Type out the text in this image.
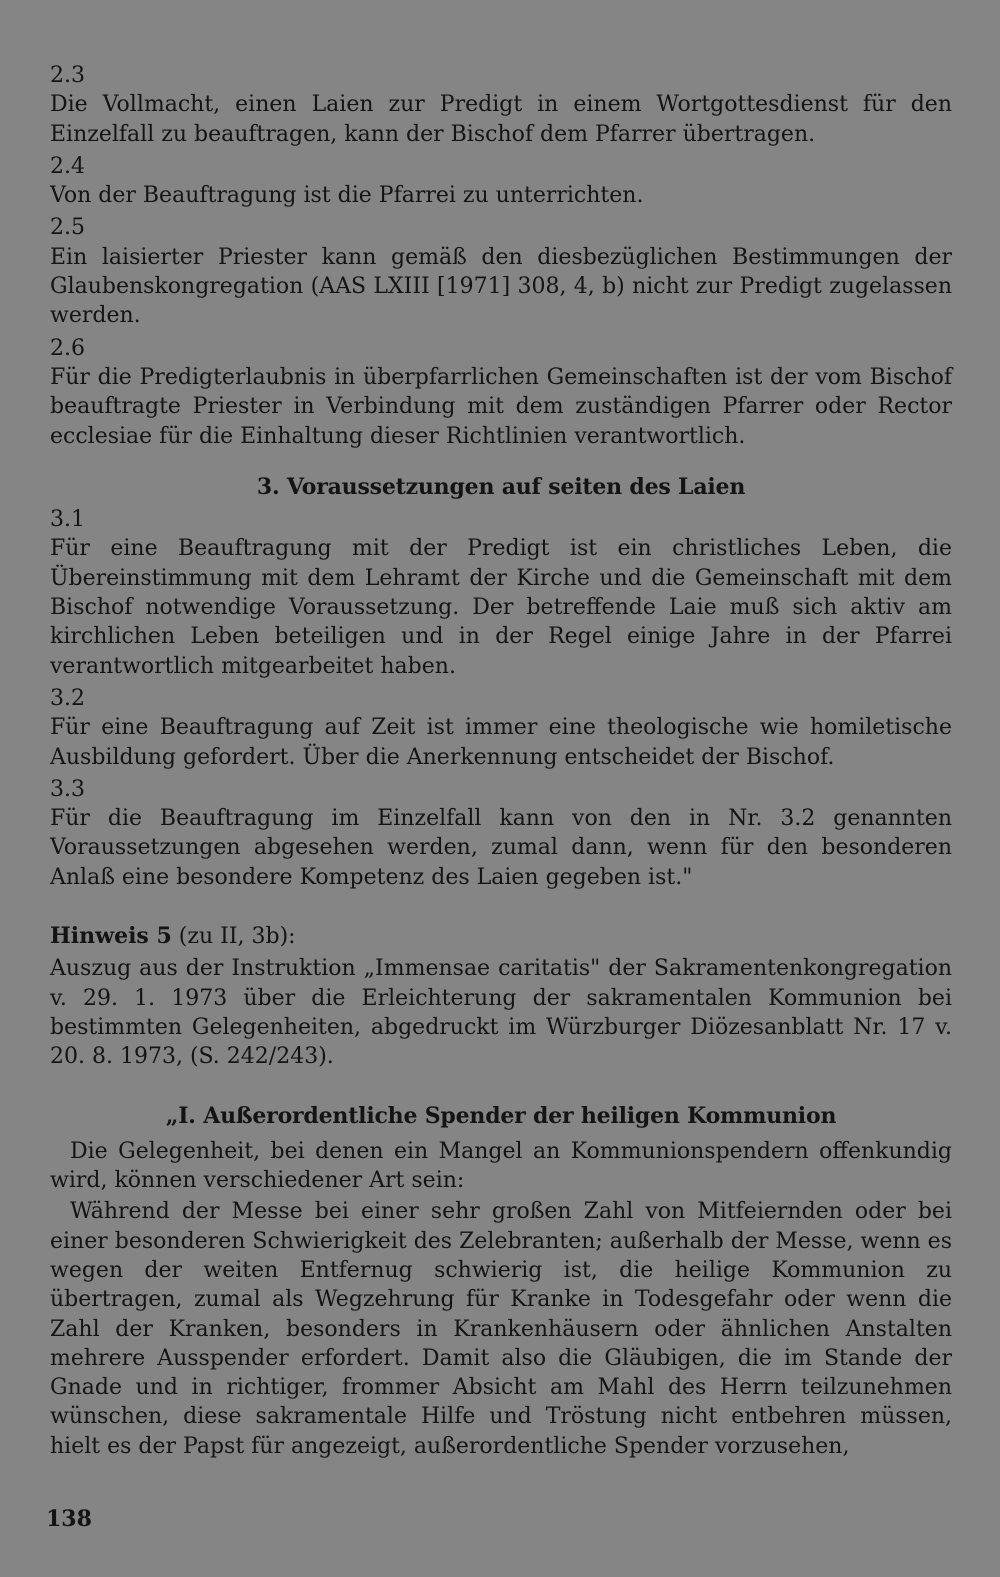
2.3
Die Vollmacht, einen Laien zur Predigt in einem Wortgottesdienst für den Einzelfall zu beauftragen, kann der Bischof dem Pfarrer übertragen.
2.4
Von der Beauftragung ist die Pfarrei zu unterrichten.
2.5
Ein laisierter Priester kann gemäß den diesbezüglichen Bestimmungen der Glaubenskongregation (AAS LXIII [1971] 308, 4, b) nicht zur Predigt zugelassen werden.
2.6
Für die Predigterlaubnis in überpfarrlichen Gemeinschaften ist der vom Bischof beauftragte Priester in Verbindung mit dem zuständigen Pfarrer oder Rector ecclesiae für die Einhaltung dieser Richtlinien verantwortlich.
3. Voraussetzungen auf seiten des Laien
3.1
Für eine Beauftragung mit der Predigt ist ein christliches Leben, die Übereinstimmung mit dem Lehramt der Kirche und die Gemeinschaft mit dem Bischof notwendige Voraussetzung. Der betreffende Laie muß sich aktiv am kirchlichen Leben beteiligen und in der Regel einige Jahre in der Pfarrei verantwortlich mitgearbeitet haben.
3.2
Für eine Beauftragung auf Zeit ist immer eine theologische wie homiletische Ausbildung gefordert. Über die Anerkennung entscheidet der Bischof.
3.3
Für die Beauftragung im Einzelfall kann von den in Nr. 3.2 genannten Voraussetzungen abgesehen werden, zumal dann, wenn für den besonderen Anlaß eine besondere Kompetenz des Laien gegeben ist."
Hinweis 5 (zu II, 3b):
Auszug aus der Instruktion „Immensae caritatis" der Sakramentenkongregation v. 29. 1. 1973 über die Erleichterung der sakramentalen Kommunion bei bestimmten Gelegenheiten, abgedruckt im Würzburger Diözesanblatt Nr. 17 v. 20. 8. 1973, (S. 242/243).
„I. Außerordentliche Spender der heiligen Kommunion
Die Gelegenheit, bei denen ein Mangel an Kommunionspendern offenkundig wird, können verschiedener Art sein:
Während der Messe bei einer sehr großen Zahl von Mitfeiernden oder bei einer besonderen Schwierigkeit des Zelebranten; außerhalb der Messe, wenn es wegen der weiten Entfernug schwierig ist, die heilige Kommunion zu übertragen, zumal als Wegzehrung für Kranke in Todesgefahr oder wenn die Zahl der Kranken, besonders in Krankenhäusern oder ähnlichen Anstalten mehrere Ausspender erfordert. Damit also die Gläubigen, die im Stande der Gnade und in richtiger, frommer Absicht am Mahl des Herrn teilzunehmen wünschen, diese sakramentale Hilfe und Tröstung nicht entbehren müssen, hielt es der Papst für angezeigt, außerordentliche Spender vorzusehen,
138
